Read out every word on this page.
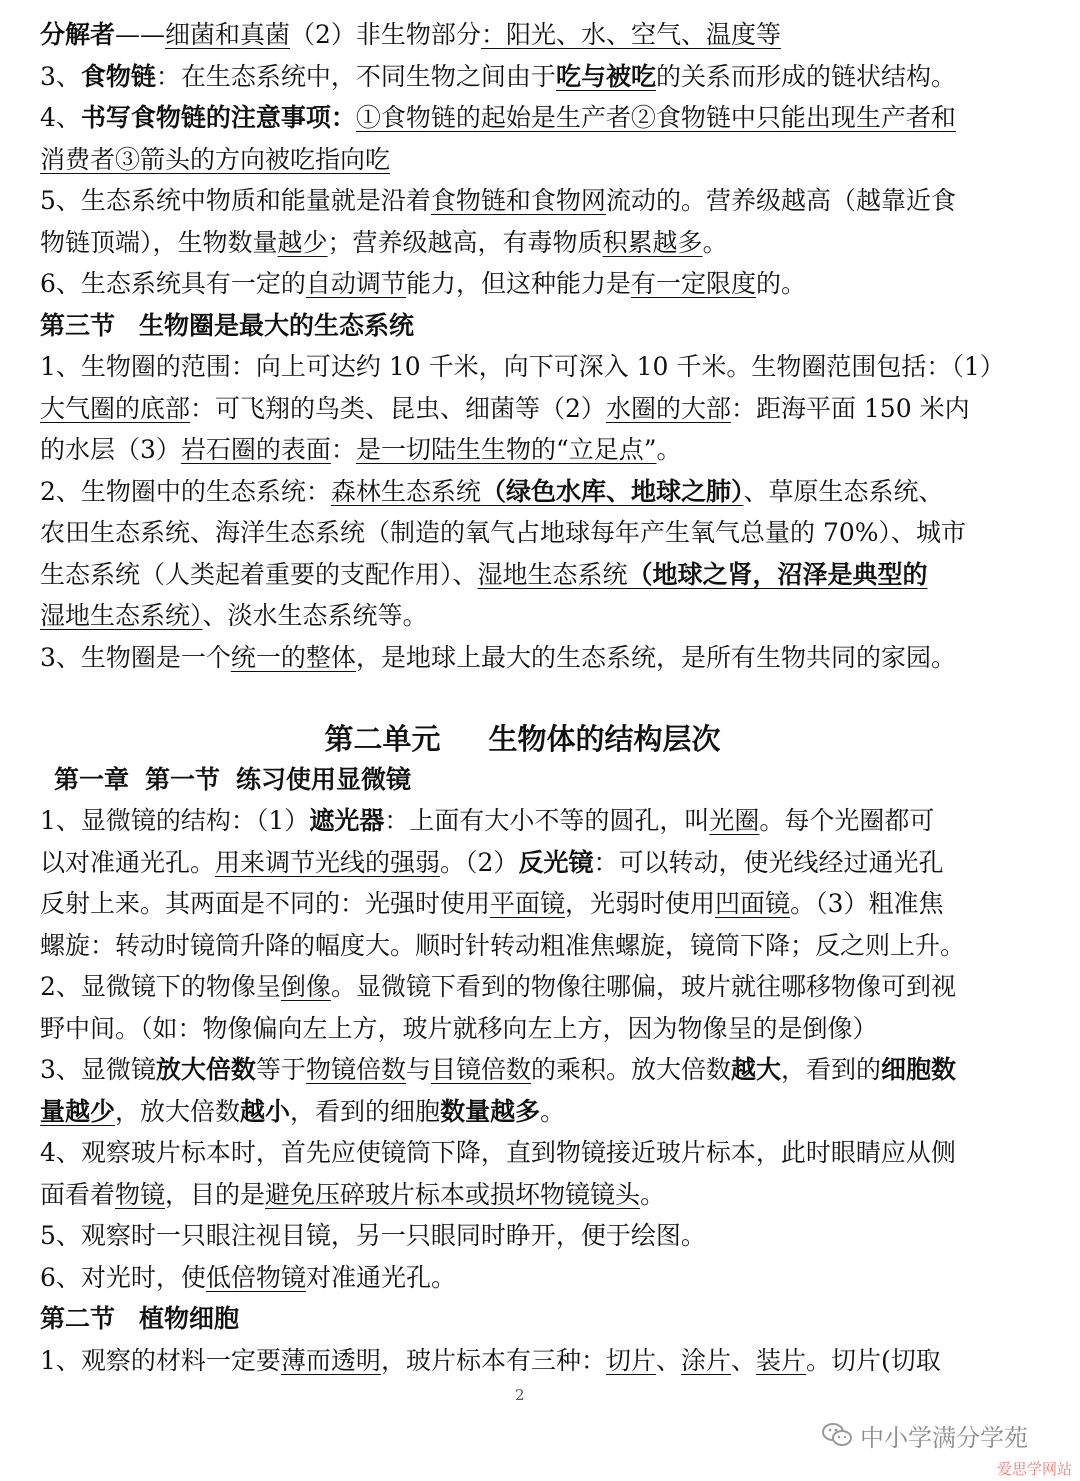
分解者——细菌和真菌（2）非生物部分：阳光、水、空气、温度等

3、食物链：在生态系统中，不同生物之间由于吃与被吃的关系而形成的链状结构。

4、书写食物链的注意事项：①食物链的起始是生产者②食物链中只能出现生产者和
消费者③箭头的方向被吃指向吃

5、生态系统中物质和能量就是沿着食物链和食物网流动的。营养级越高（越靠近食
物链顶端），生物数量越少；营养级越高，有毒物质积累越多。

6、生态系统具有一定的自动调节能力，但这种能力是有一定限度的。

第三节 生物圈是最大的生态系统

1、生物圈的范围：向上可达约 10 千米，向下可深入 10 千米。生物圈范围包括：（1）
大气圈的底部：可飞翔的鸟类、昆虫、细菌等（2）水圈的大部：距海平面 150 米内
的水层（3）岩石圈的表面：是一切陆生生物的“立足点”。

2、生物圈中的生态系统：森林生态系统（绿色水库、地球之肺）、草原生态系统、
农田生态系统、海洋生态系统（制造的氧气占地球每年产生氧气总量的 70%）、城市
生态系统（人类起着重要的支配作用）、湿地生态系统（地球之肾，沼泽是典型的
湿地生态系统）、淡水生态系统等。

3、生物圈是一个统一的整体，是地球上最大的生态系统，是所有生物共同的家园。

第二单元 生物体的结构层次

第一章 第一节 练习使用显微镜

1、显微镜的结构：（1）遮光器：上面有大小不等的圆孔，叫光圈。每个光圈都可
以对准通光孔。用来调节光线的强弱。（2）反光镜：可以转动，使光线经过通光孔
反射上来。其两面是不同的：光强时使用平面镜，光弱时使用凹面镜。（3）粗准焦
螺旋：转动时镜筒升降的幅度大。顺时针转动粗准焦螺旋，镜筒下降；反之则上升。

2、显微镜下的物像呈倒像。显微镜下看到的物像往哪偏，玻片就往哪移物像可到视
野中间。（如：物像偏向左上方，玻片就移向左上方，因为物像呈的是倒像）

3、显微镜放大倍数等于物镜倍数与目镜倍数的乘积。放大倍数越大，看到的细胞数
量越少，放大倍数越小，看到的细胞数量越多。

4、观察玻片标本时，首先应使镜筒下降，直到物镜接近玻片标本，此时眼睛应从侧
面看着物镜，目的是避免压碎玻片标本或损坏物镜镜头。

5、观察时一只眼注视目镜，另一只眼同时睁开，便于绘图。

6、对光时，使低倍物镜对准通光孔。

第二节 植物细胞

1、观察的材料一定要薄而透明，玻片标本有三种：切片、涂片、装片。切片(切取

2
中小学满分学苑
爱思学网站
